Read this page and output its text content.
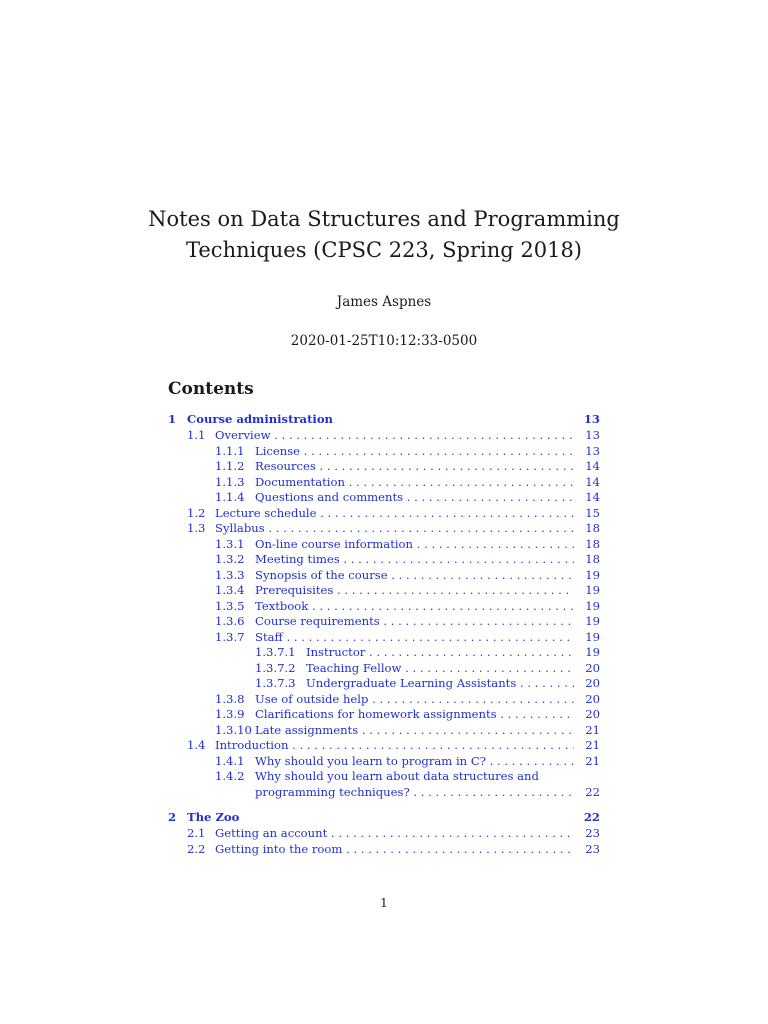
Notes on Data Structures and Programming
Techniques (CPSC 223, Spring 2018)
James Aspnes
2020-01-25T10:12:33-0500
Contents
1 Course administration	13
1.1 Overview . . .	13
1.1.1 License . . .	13
1.1.2 Resources . . .	14
1.1.3 Documentation . . .	14
1.1.4 Questions and comments . . .	14
1.2 Lecture schedule . . .	15
1.3 Syllabus . . .	18
1.3.1 On-line course information . . .	18
1.3.2 Meeting times . . .	18
1.3.3 Synopsis of the course . . .	19
1.3.4 Prerequisites . . .	19
1.3.5 Textbook . . .	19
1.3.6 Course requirements . . .	19
1.3.7 Staff . . .	19
1.3.7.1 Instructor . . .	19
1.3.7.2 Teaching Fellow . . .	20
1.3.7.3 Undergraduate Learning Assistants . . .	20
1.3.8 Use of outside help . . .	20
1.3.9 Clarifications for homework assignments . . .	20
1.3.10 Late assignments . . .	21
1.4 Introduction . . .	21
1.4.1 Why should you learn to program in C? . . .	21
1.4.2 Why should you learn about data structures and programming techniques? . . .	22
2 The Zoo	22
2.1 Getting an account . . .	23
2.2 Getting into the room . . .	23
1
